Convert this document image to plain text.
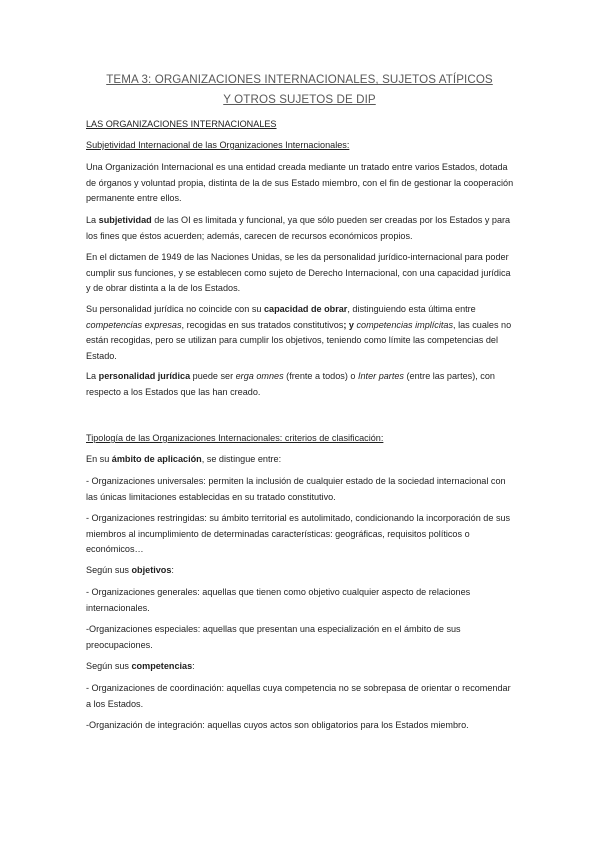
TEMA 3: ORGANIZACIONES INTERNACIONALES, SUJETOS ATÍPICOS
Y OTROS SUJETOS DE DIP
LAS ORGANIZACIONES INTERNACIONALES
Subjetividad Internacional de las Organizaciones Internacionales:
Una Organización Internacional es una entidad creada mediante un tratado entre varios Estados, dotada de órganos y voluntad propia, distinta de la de sus Estado miembro, con el fin de gestionar la cooperación permanente entre ellos.
La subjetividad de las OI es limitada y funcional, ya que sólo pueden ser creadas por los Estados y para los fines que éstos acuerden; además, carecen de recursos económicos propios.
En el dictamen de 1949 de las Naciones Unidas, se les da personalidad jurídico-internacional para poder cumplir sus funciones, y se establecen como sujeto de Derecho Internacional, con una capacidad jurídica y de obrar distinta a la de los Estados.
Su personalidad jurídica no coincide con su capacidad de obrar, distinguiendo esta última entre competencias expresas, recogidas en sus tratados constitutivos; y competencias implícitas, las cuales no están recogidas, pero se utilizan para cumplir los objetivos, teniendo como límite las competencias del Estado.
La personalidad jurídica puede ser erga omnes (frente a todos) o Inter partes (entre las partes), con respecto a los Estados que las han creado.
Tipología de las Organizaciones Internacionales: criterios de clasificación:
En su ámbito de aplicación, se distingue entre:
- Organizaciones universales: permiten la inclusión de cualquier estado de la sociedad internacional con las únicas limitaciones establecidas en su tratado constitutivo.
- Organizaciones restringidas: su ámbito territorial es autolimitado, condicionando la incorporación de sus miembros al incumplimiento de determinadas características: geográficas, requisitos políticos o económicos…
Según sus objetivos:
- Organizaciones generales: aquellas que tienen como objetivo cualquier aspecto de relaciones internacionales.
-Organizaciones especiales: aquellas que presentan una especialización en el ámbito de sus preocupaciones.
Según sus competencias:
- Organizaciones de coordinación: aquellas cuya competencia no se sobrepasa de orientar o recomendar a los Estados.
-Organización de integración: aquellas cuyos actos son obligatorios para los Estados miembro.
